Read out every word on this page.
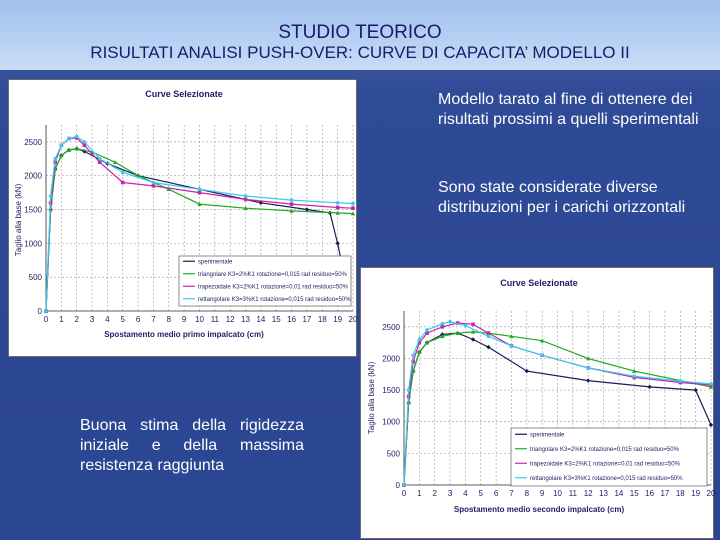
STUDIO TEORICO
RISULTATI ANALISI PUSH-OVER: CURVE DI CAPACITA’ MODELLO II
Curve Selezionate
Taglio alla base (kN)
Spostamento medio primo impalcato (cm)
0 1 2 3 4 5 6 7 8 9 10 11 12 13 14 15 16 17 18 19 20
0
500
1000
1500
2000
2500
sperimentale
triangolare K3=2%K1 rotazione=0,015 rad residuo=50%
trapezoidale K3=2%K1 rotazione=0,01 rad residuo=50%
rettangolare K3=3%K1 rotazione=0,015 rad residuo=50%
Curve Selezionate
Taglio alla base (kN)
Spostamento medio secondo impalcato (cm)
0 1 2 3 4 5 6 7 8 9 10 11 12 13 14 15 16 17 18 19 20
0
500
1000
1500
2000
2500
sperimentale
triangolare K3=2%K1 rotazione=0,015 rad residuo=50%
trapezoidale K3=2%K1 rotazione=0,01 rad residuo=50%
rettangolare K3=3%K1 rotazione=0,015 rad residuo=50%
Modello tarato al fine di ottenere dei risultati prossimi a quelli sperimentali
Sono state considerate diverse distribuzioni per i carichi orizzontali
Buona stima della rigidezza iniziale e della massima resistenza raggiunta
